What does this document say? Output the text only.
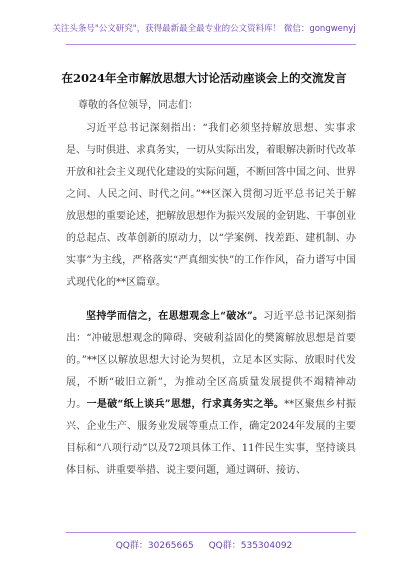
关注头条号"公文研究"，获得最新最全最专业的公文资料库！ 微信：gongwenyj
在2024年全市解放思想大讨论活动座谈会上的交流发言
尊敬的各位领导，同志们：

习近平总书记深刻指出：“我们必须坚持解放思想、实事求是、与时俱进、求真务实，一切从实际出发，着眼解决新时代改革开放和社会主义现代化建设的实际问题，不断回答中国之问、世界之问、人民之问、时代之问。”**区深入贯彻习近平总书记关于解放思想的重要论述，把解放思想作为振兴发展的金钥匙、干事创业的总起点、改革创新的原动力，以“学案例、找差距、建机制、办实事”为主线，严格落实“严真细实快”的工作作风，奋力谱写中国式现代化的**区篇章。

坚持学而信之，在思想观念上“破冰”。习近平总书记深刻指出：“冲破思想观念的障碍、突破利益固化的樊篱解放思想是首要的。”**区以解放思想大讨论为契机，立足本区实际、放眼时代发展，不断“破旧立新”，为推动全区高质量发展提供不竭精神动力。一是破“纸上谈兵”思想，行求真务实之举。**区聚焦乡村振兴、企业生产、服务业发展等重点工作，确定2024年发展的主要目标和“八项行动”以及72项具体工作、11件民生实事，坚持谈具体目标、讲重要举措、说主要问题，通过调研、接访、

QQ群：30265665 QQ群：535304092
